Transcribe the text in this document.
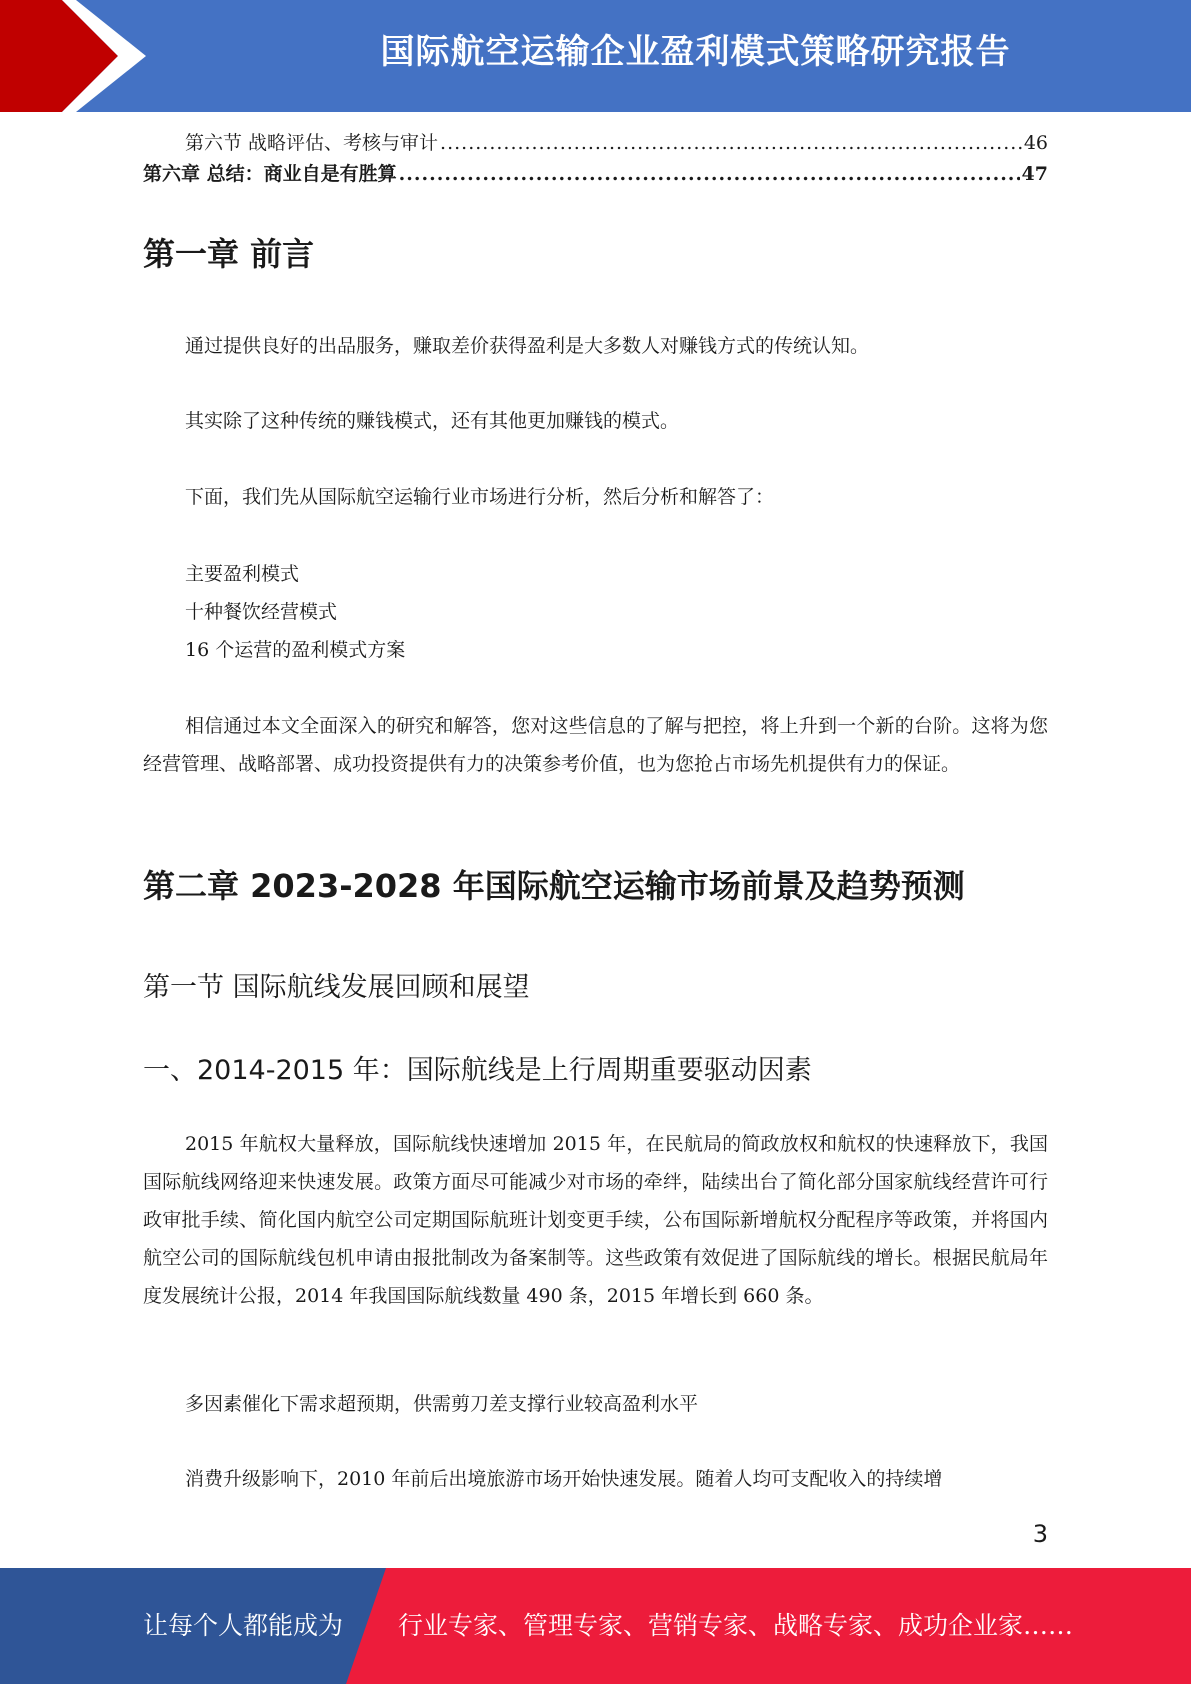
国际航空运输企业盈利模式策略研究报告
第六节 战略评估、考核与审计 .....	46
第六章 总结：商业自是有胜算 .....	47
第一章 前言
通过提供良好的出品服务，赚取差价获得盈利是大多数人对赚钱方式的传统认知。
其实除了这种传统的赚钱模式，还有其他更加赚钱的模式。
下面，我们先从国际航空运输行业市场进行分析，然后分析和解答了：
主要盈利模式
十种餐饮经营模式
16 个运营的盈利模式方案
相信通过本文全面深入的研究和解答，您对这些信息的了解与把控，将上升到一个新的台阶。这将为您经营管理、战略部署、成功投资提供有力的决策参考价值，也为您抢占市场先机提供有力的保证。
第二章 2023-2028 年国际航空运输市场前景及趋势预测
第一节 国际航线发展回顾和展望
一、2014-2015 年：国际航线是上行周期重要驱动因素
2015 年航权大量释放，国际航线快速增加 2015 年，在民航局的简政放权和航权的快速释放下，我国国际航线网络迎来快速发展。政策方面尽可能减少对市场的牵绊，陆续出台了简化部分国家航线经营许可行政审批手续、简化国内航空公司定期国际航班计划变更手续，公布国际新增航权分配程序等政策，并将国内航空公司的国际航线包机申请由报批制改为备案制等。这些政策有效促进了国际航线的增长。根据民航局年度发展统计公报，2014 年我国国际航线数量 490 条，2015 年增长到 660 条。
多因素催化下需求超预期，供需剪刀差支撑行业较高盈利水平
消费升级影响下，2010 年前后出境旅游市场开始快速发展。随着人均可支配收入的持续增
3
让每个人都能成为 行业专家、管理专家、营销专家、战略专家、成功企业家……
